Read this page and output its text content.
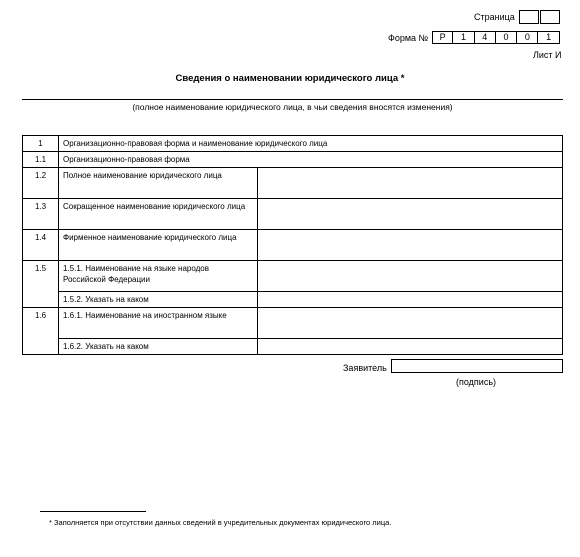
Страница
Форма №	Р	1	4	0	0	1
Лист И
Сведения о наименовании юридического лица *
(полное наименование юридического лица, в чьи сведения вносятся изменения)
1	Организационно-правовая форма и наименование юридического лица	
1.1	Организационно-правовая форма	
1.2	Полное наименование юридического лица	
1.3	Сокращенное наименование юридического лица	
1.4	Фирменное наименование юридического лица	
1.5	1.5.1. Наименование на языке народов Российской Федерации	
	1.5.2. Указать на каком	
1.6	1.6.1. Наименование на иностранном языке	
	1.6.2. Указать на каком	
Заявитель
(подпись)
* Заполняется при отсутствии данных сведений в учредительных документах юридического лица.
